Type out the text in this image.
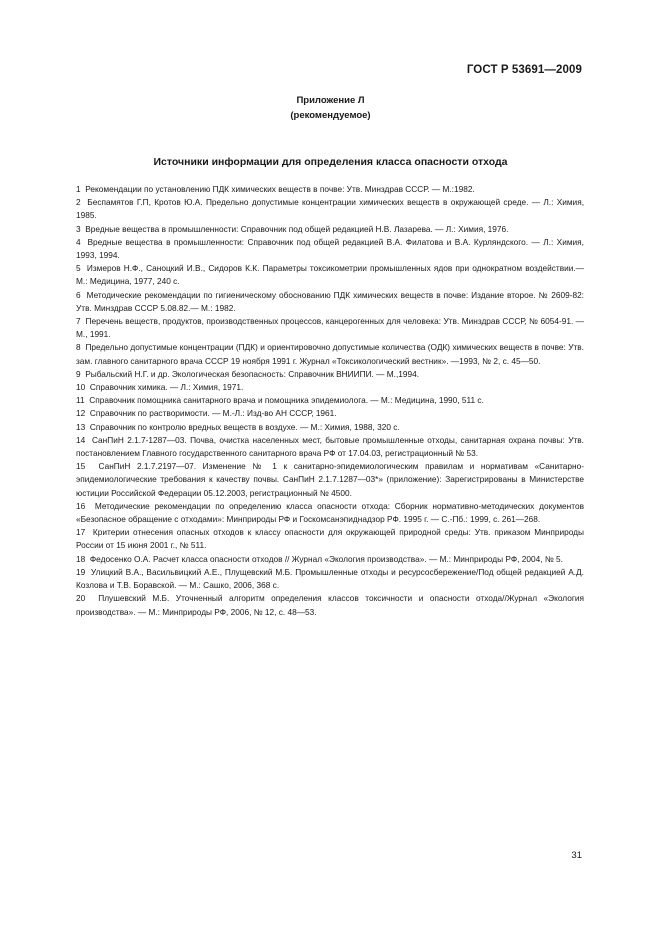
ГОСТ Р 53691—2009
Приложение Л
(рекомендуемое)
Источники информации для определения класса опасности отхода

1 Рекомендации по установлению ПДК химических веществ в почве: Утв. Минздрав СССР. — М.:1982.

2 Беспамятов Г.П, Кротов Ю.А. Предельно допустимые концентрации химических веществ в окружающей среде. — Л.: Химия, 1985.

3 Вредные вещества в промышленности: Справочник под общей редакцией Н.В. Лазарева. — Л.: Химия, 1976.

4 Вредные вещества в промышленности: Справочник под общей редакцией В.А. Филатова и В.А. Курляндского. — Л.: Химия, 1993, 1994.

5 Измеров Н.Ф., Саноцкий И.В., Сидоров К.К. Параметры токсикометрии промышленных ядов при однократном воздействии.— М.: Медицина, 1977, 240 с.

6 Методические рекомендации по гигиеническому обоснованию ПДК химических веществ в почве: Издание второе. № 2609-82: Утв. Минздрав СССР 5.08.82.— М.: 1982.

7 Перечень веществ, продуктов, производственных процессов, канцерогенных для человека: Утв. Минздрав СССР, № 6054-91. — М., 1991.

8 Предельно допустимые концентрации (ПДК) и ориентировочно допустимые количества (ОДК) химических веществ в почве: Утв. зам. главного санитарного врача СССР 19 ноября 1991 г. Журнал «Токсикологический вестник». —1993, № 2, с. 45—50.

9 Рыбальский Н.Г. и др. Экологическая безопасность: Справочник ВНИИПИ. — М.,1994.

10 Справочник химика. — Л.: Химия, 1971.

11 Справочник помощника санитарного врача и помощника эпидемиолога. — М.: Медицина, 1990, 511 с.

12 Справочник по растворимости. — М.-Л.: Изд-во АН СССР, 1961.

13 Справочник по контролю вредных веществ в воздухе. — М.: Химия, 1988, 320 с.

14 СанПиН 2.1.7-1287—03. Почва, очистка населенных мест, бытовые промышленные отходы, санитарная охрана почвы: Утв. постановлением Главного государственного санитарного врача РФ от 17.04.03, регистрационный № 53.

15 СанПиН 2.1.7.2197—07. Изменение № 1 к санитарно-эпидемиологическим правилам и нормативам «Санитарно-эпидемиологические требования к качеству почвы. СанПиН 2.1.7.1287—03*» (приложение): Зарегистрированы в Министерстве юстиции Российской Федерации 05.12.2003, регистрационный № 4500.

16 Методические рекомендации по определению класса опасности отхода: Сборник нормативно-методических документов «Безопасное обращение с отходами»: Минприроды РФ и Госкомсанэпиднадзор РФ. 1995 г. — С.-Пб.: 1999, с. 261—268.

17 Критерии отнесения опасных отходов к классу опасности для окружающей природной среды: Утв. приказом Минприроды России от 15 июня 2001 г., № 511.

18 Федосенко О.А. Расчет класса опасности отходов // Журнал «Экология производства». — М.: Минприроды РФ, 2004, № 5.

19 Улицкий В.А., Васильвицкий А.Е., Плущевский М.Б. Промышленные отходы и ресурсосбережение/Под общей редакцией А.Д. Козлова и Т.В. Боравской. — М.: Сашко, 2006, 368 с.

20 Плушевский М.Б. Уточненный алгоритм определения классов токсичности и опасности отхода//Журнал «Экология производства». — М.: Минприроды РФ, 2006, № 12, с. 48—53.

31
